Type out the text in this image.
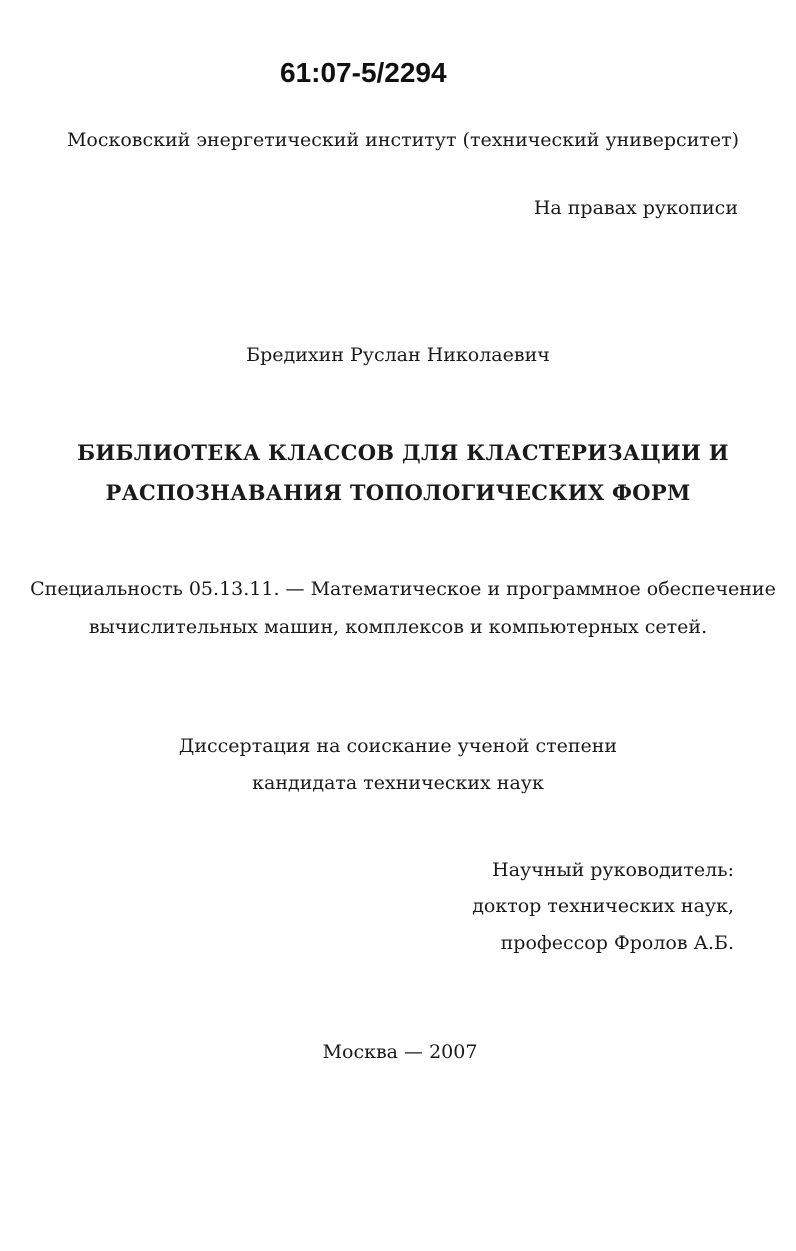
61:07-5/2294
Московский энергетический институт (технический университет)
На правах рукописи
Бредихин Руслан Николаевич
БИБЛИОТЕКА КЛАССОВ ДЛЯ КЛАСТЕРИЗАЦИИ И
РАСПОЗНАВАНИЯ ТОПОЛОГИЧЕСКИХ ФОРМ
Специальность 05.13.11. — Математическое и программное обеспечение
вычислительных машин, комплексов и компьютерных сетей.
Диссертация на соискание ученой степени
кандидата технических наук
Научный руководитель:
доктор технических наук,
профессор Фролов А.Б.
Москва — 2007
